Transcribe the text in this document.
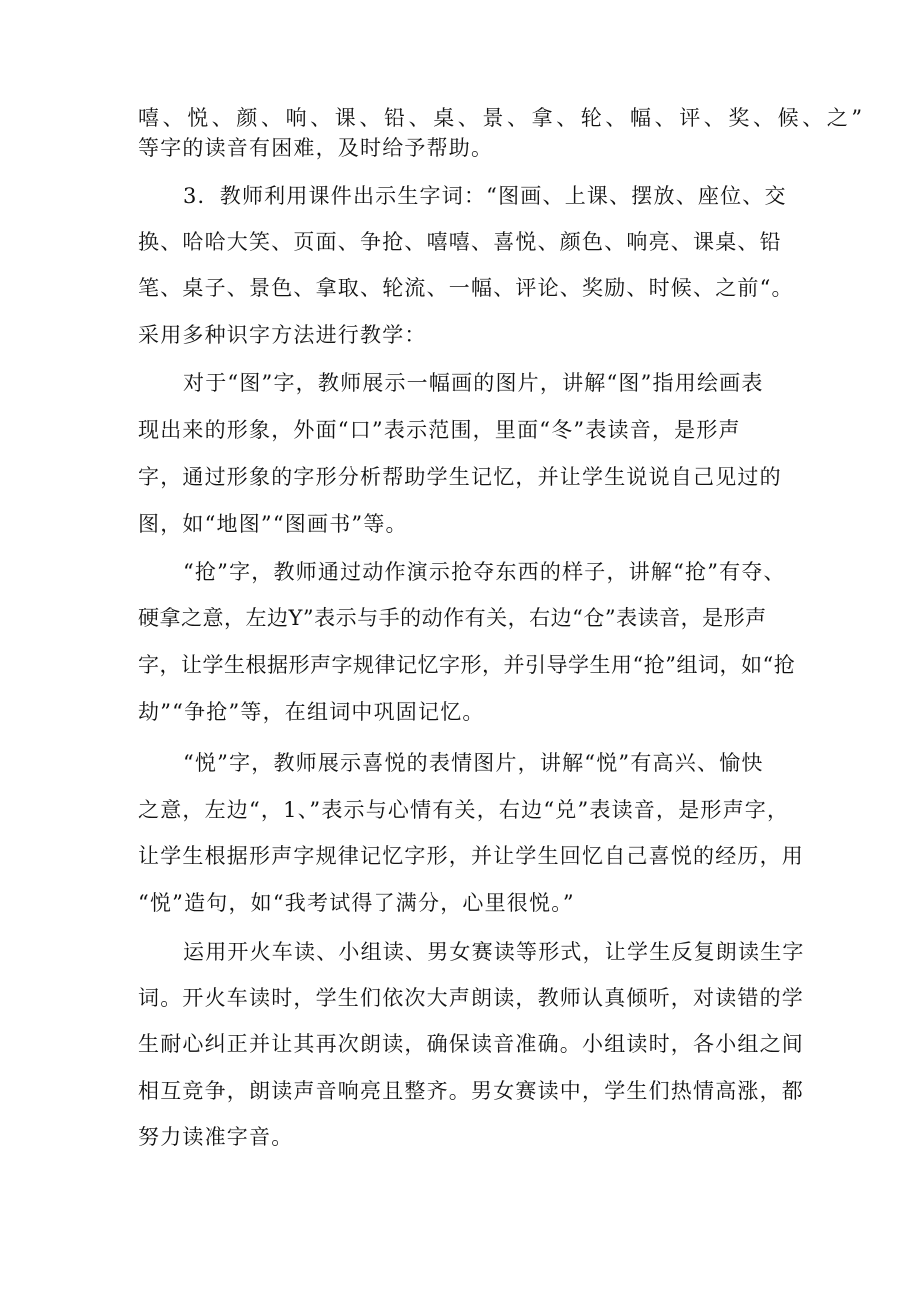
嘻、悦、颜、响、课、铅、桌、景、拿、轮、幅、评、奖、候、之”
等字的读音有困难，及时给予帮助。
3．教师利用课件出示生字词：“图画、上课、摆放、座位、交
换、哈哈大笑、页面、争抢、嘻嘻、喜悦、颜色、响亮、课桌、铅
笔、桌子、景色、拿取、轮流、一幅、评论、奖励、时候、之前“。
采用多种识字方法进行教学：
对于“图”字，教师展示一幅画的图片，讲解“图”指用绘画表
现出来的形象，外面“口”表示范围，里面“冬”表读音，是形声
字，通过形象的字形分析帮助学生记忆，并让学生说说自己见过的
图，如“地图”“图画书”等。
“抢”字，教师通过动作演示抢夺东西的样子，讲解“抢”有夺、
硬拿之意，左边Y”表示与手的动作有关，右边“仓”表读音，是形声
字，让学生根据形声字规律记忆字形，并引导学生用“抢”组词，如“抢
劫”“争抢”等，在组词中巩固记忆。
“悦”字，教师展示喜悦的表情图片，讲解“悦”有高兴、愉快
之意，左边“，1、”表示与心情有关，右边“兑”表读音，是形声字，
让学生根据形声字规律记忆字形，并让学生回忆自己喜悦的经历，用
“悦”造句，如“我考试得了满分，心里很悦。”
运用开火车读、小组读、男女赛读等形式，让学生反复朗读生字
词。开火车读时，学生们依次大声朗读，教师认真倾听，对读错的学
生耐心纠正并让其再次朗读，确保读音准确。小组读时，各小组之间
相互竞争，朗读声音响亮且整齐。男女赛读中，学生们热情高涨，都
努力读准字音。
